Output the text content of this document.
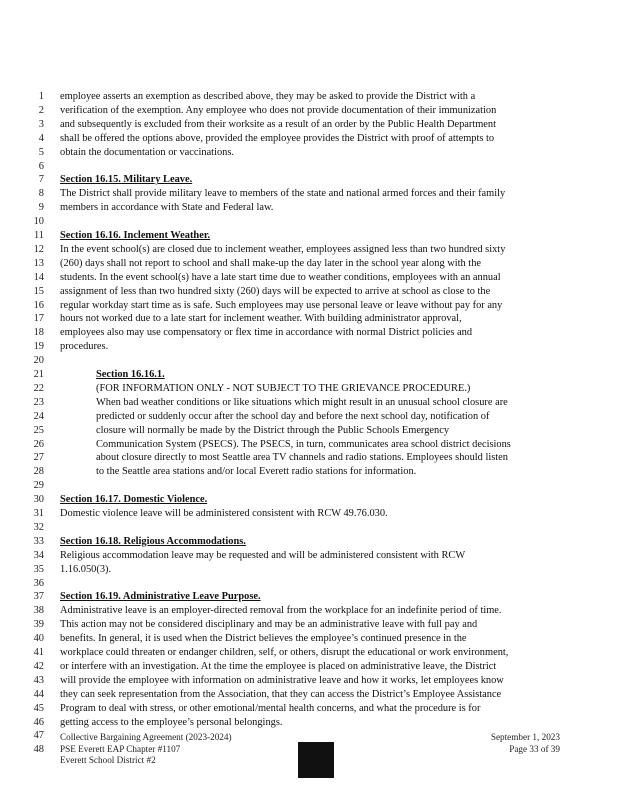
1 employee asserts an exemption as described above, they may be asked to provide the District with a
2 verification of the exemption. Any employee who does not provide documentation of their immunization
3 and subsequently is excluded from their worksite as a result of an order by the Public Health Department
4 shall be offered the options above, provided the employee provides the District with proof of attempts to
5 obtain the documentation or vaccinations.
6
7 Section 16.15. Military Leave.
8 The District shall provide military leave to members of the state and national armed forces and their family
9 members in accordance with State and Federal law.
10
11 Section 16.16. Inclement Weather.
12 In the event school(s) are closed due to inclement weather, employees assigned less than two hundred sixty
13 (260) days shall not report to school and shall make-up the day later in the school year along with the
14 students. In the event school(s) have a late start time due to weather conditions, employees with an annual
15 assignment of less than two hundred sixty (260) days will be expected to arrive at school as close to the
16 regular workday start time as is safe. Such employees may use personal leave or leave without pay for any
17 hours not worked due to a late start for inclement weather. With building administrator approval,
18 employees also may use compensatory or flex time in accordance with normal District policies and
19 procedures.
20
21	Section 16.16.1.
22	(FOR INFORMATION ONLY - NOT SUBJECT TO THE GRIEVANCE PROCEDURE.)
23	When bad weather conditions or like situations which might result in an unusual school closure are
24	predicted or suddenly occur after the school day and before the next school day, notification of
25	closure will normally be made by the District through the Public Schools Emergency
26	Communication System (PSECS). The PSECS, in turn, communicates area school district decisions
27	about closure directly to most Seattle area TV channels and radio stations. Employees should listen
28	to the Seattle area stations and/or local Everett radio stations for information.
29
30 Section 16.17. Domestic Violence.
31 Domestic violence leave will be administered consistent with RCW 49.76.030.
32
33 Section 16.18. Religious Accommodations.
34 Religious accommodation leave may be requested and will be administered consistent with RCW
35 1.16.050(3).
36
37 Section 16.19. Administrative Leave Purpose.
38 Administrative leave is an employer-directed removal from the workplace for an indefinite period of time.
39 This action may not be considered disciplinary and may be an administrative leave with full pay and
40 benefits. In general, it is used when the District believes the employee’s continued presence in the
41 workplace could threaten or endanger children, self, or others, disrupt the educational or work environment,
42 or interfere with an investigation. At the time the employee is placed on administrative leave, the District
43 will provide the employee with information on administrative leave and how it works, let employees know
44 they can seek representation from the Association, that they can access the District’s Employee Assistance
45 Program to deal with stress, or other emotional/mental health concerns, and what the procedure is for
46 getting access to the employee’s personal belongings.
47
48
Collective Bargaining Agreement (2023-2024)
PSE Everett EAP Chapter #1107
Everett School District #2
September 1, 2023
Page 33 of 39
